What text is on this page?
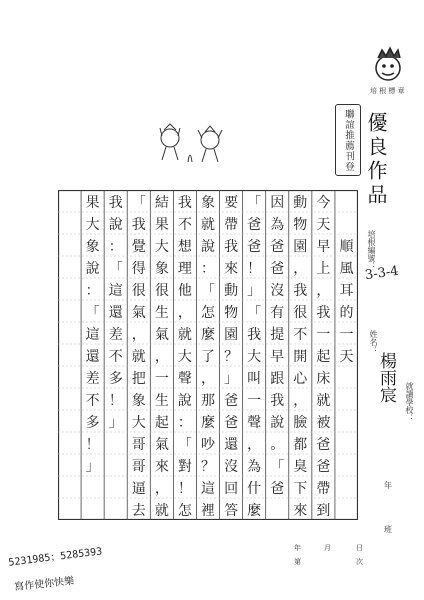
培 根 標 章
聯誼推薦刊登 優良作品
培根編號：
3-3-4
姓名：
楊雨宸	就讀學校：
年
班
順
風
耳
的
一
天
今
天
早
上
，
我
一
起
床
就
被
爸
爸
帶
到
動
物
園
，
我
很
不
開
心
，
臉
都
臭
下
來
因
為
爸
爸
沒
有
提
早
跟
我
說
。
「
爸
「
爸
爸
！
」
「
我
大
叫
一
聲
，
為
什
麼
要
帶
我
來
動
物
園
？
」
爸
爸
還
沒
回
答
象
就
說
：
「
怎
麼
了
，
那
麼
吵
？
這
裡
我
不
想
理
他
，
就
大
聲
說
：
「
對
！
怎
結
果
大
象
很
生
氣
，
一
生
起
氣
來
，
就
「
我
覺
得
很
氣
，
就
把
象
大
哥
哥
逼
去
我
說
：
「
這
還
差
不
多
！
」
果
大
象
說
：
「
這
還
差
不
多
！
」
年	月	日
第	次
5231985；5285393
寫作使你快樂
